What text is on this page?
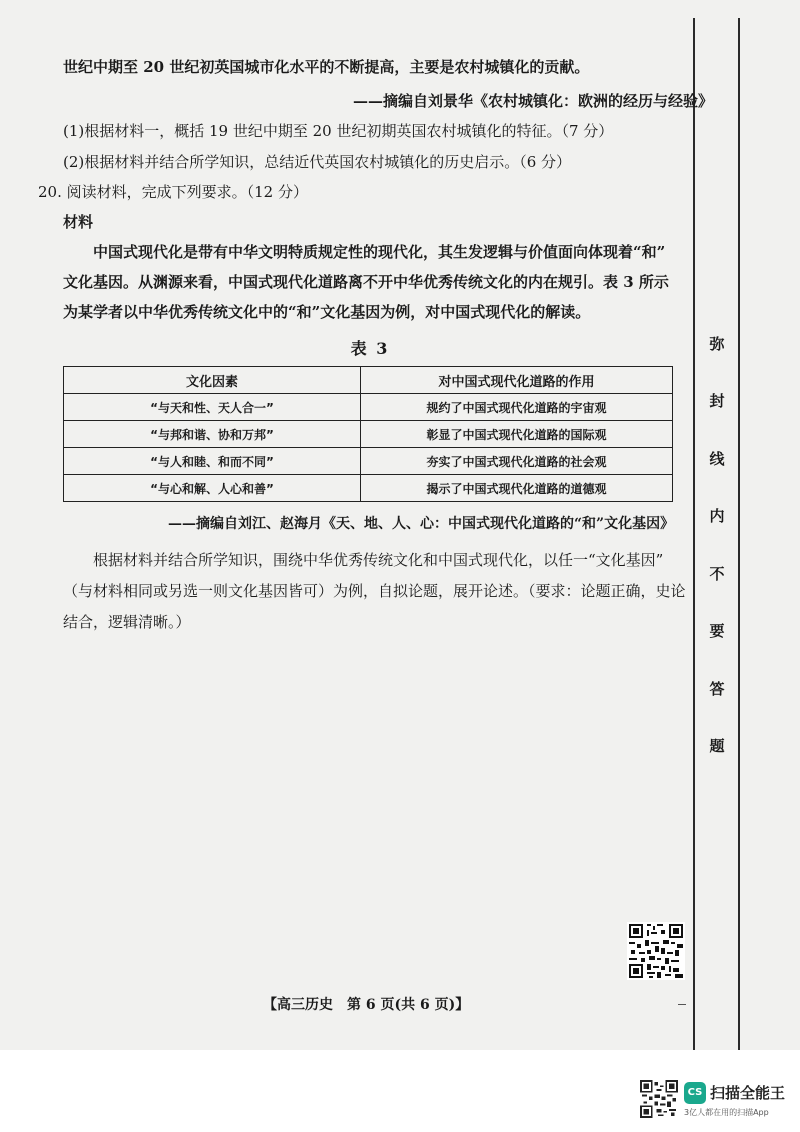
弥
封
线
内
不
要
答
题
世纪中期至 20 世纪初英国城市化水平的不断提高，主要是农村城镇化的贡献。
——摘编自刘景华《农村城镇化：欧洲的经历与经验》
(1)根据材料一，概括 19 世纪中期至 20 世纪初期英国农村城镇化的特征。（7 分）
(2)根据材料并结合所学知识，总结近代英国农村城镇化的历史启示。（6 分）
20. 阅读材料，完成下列要求。（12 分）
材料
中国式现代化是带有中华文明特质规定性的现代化，其生发逻辑与价值面向体现着“和”
文化基因。从渊源来看，中国式现代化道路离不开中华优秀传统文化的内在规引。表 3 所示
为某学者以中华优秀传统文化中的“和”文化基因为例，对中国式现代化的解读。
表 3
文化因素	对中国式现代化道路的作用
“与天和性、天人合一”	规约了中国式现代化道路的宇宙观
“与邦和谐、协和万邦”	彰显了中国式现代化道路的国际观
“与人和睦、和而不同”	夯实了中国式现代化道路的社会观
“与心和解、人心和善”	揭示了中国式现代化道路的道德观
——摘编自刘江、赵海月《天、地、人、心：中国式现代化道路的“和”文化基因》
根据材料并结合所学知识，围绕中华优秀传统文化和中国式现代化，以任一“文化基因”
（与材料相同或另选一则文化基因皆可）为例，自拟论题，展开论述。（要求：论题正确，史论
结合，逻辑清晰。）
【高三历史　第 6 页(共 6 页)】
CS 扫描全能王
3亿人都在用的扫描App
